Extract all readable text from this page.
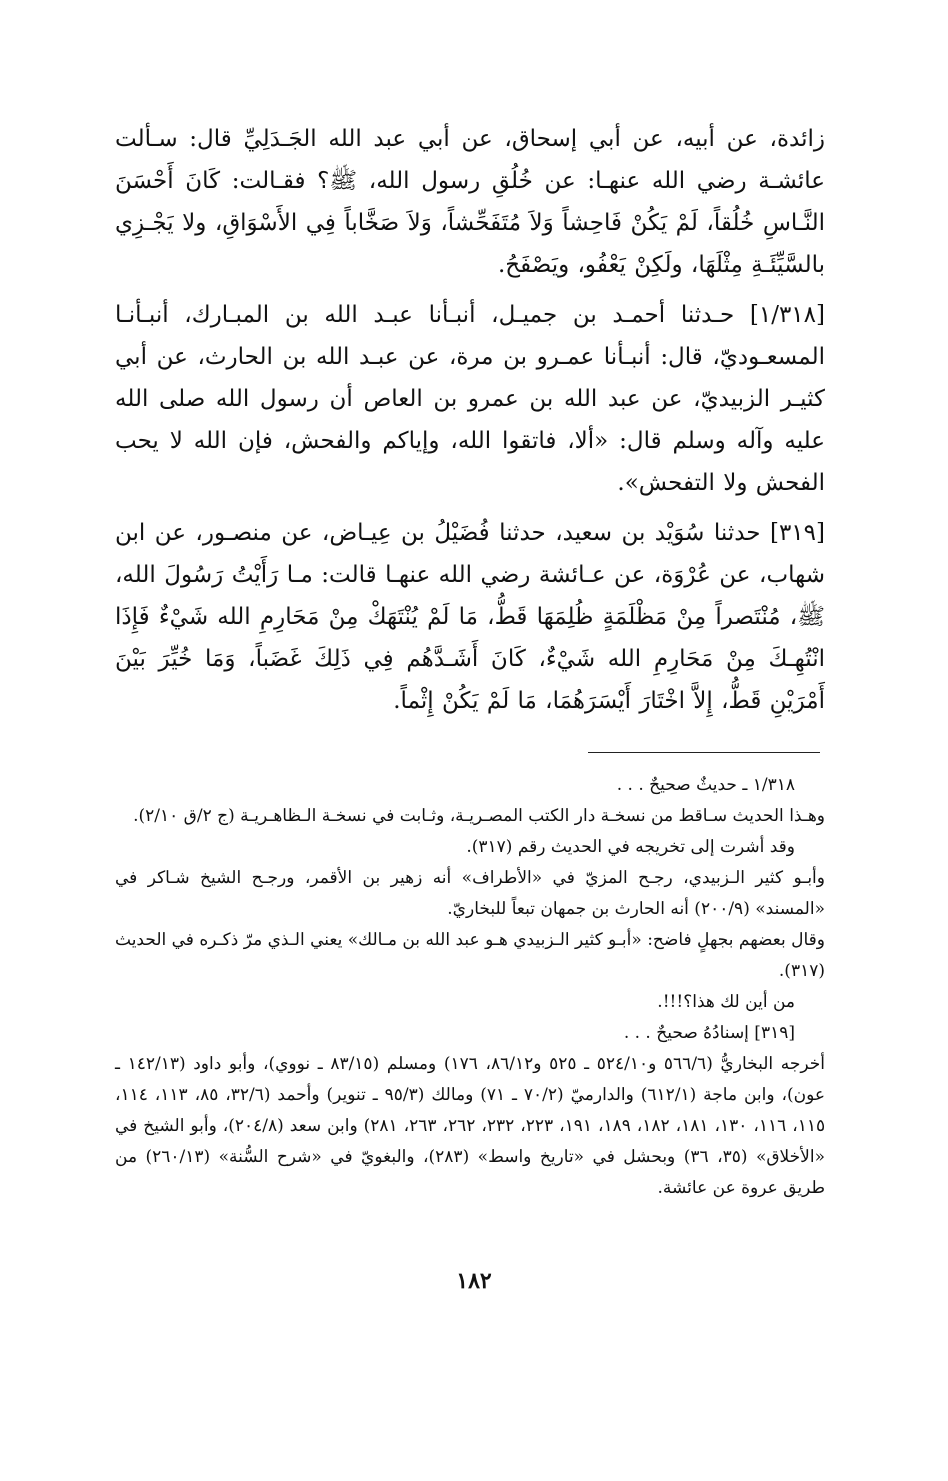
زائدة، عن أبيه، عن أبي إسحاق، عن أبي عبد الله الجَـدَلِيِّ قال: سـألت عائشـة رضي الله عنهـا: عن خُلُقِ رسول الله، ﷺ؟ فقـالت: كَانَ أَحْسَنَ النَّـاسِ خُلُقاً، لَمْ يَكُنْ فَاحِشاً وَلاَ مُتَفَحِّشاً، وَلاَ صَخَّاباً فِي الأَسْوَاقِ، ولا يَجْـزِي بالسَّيِّئَـةِ مِثْلَهَا، ولَكِنْ يَعْفُو، ويَصْفَحُ.

[١/٣١٨] حـدثنا أحمـد بن جميـل، أنبـأنا عبـد الله بن المبـارك، أنبـأنـا المسعـوديّ، قال: أنبـأنا عمـرو بن مرة، عن عبـد الله بن الحارث، عن أبي كثيـر الزبيديّ، عن عبد الله بن عمرو بن العاص أن رسول الله صلى الله عليه وآله وسلم قال: «ألا، فاتقوا الله، وإياكم والفحش، فإن الله لا يحب الفحش ولا التفحش».

[٣١٩] حدثنا سُوَيْد بن سعيد، حدثنا فُضَيْلُ بن عِيـاض، عن منصـور، عن ابن شهاب، عن عُرْوَة، عن عـائشة رضي الله عنهـا قالت: مـا رَأَيْتُ رَسُولَ الله، ﷺ، مُنْتَصراً مِنْ مَظْلَمَةٍ ظُلِمَهَا قَطُّ، مَا لَمْ يُنْتَهَكْ مِنْ مَحَارِمِ الله شَيْءٌ فَإِذَا انْتُهِـكَ مِنْ مَحَارِمِ الله شَيْءٌ، كَانَ أَشَـدَّهُم فِي ذَلِكَ غَضَباً، وَمَا خُيِّرَ بَيْنَ أَمْرَيْنِ قَطُّ، إِلاَّ اخْتَارَ أَيْسَرَهُمَا، مَا لَمْ يَكُنْ إِثْماً.

١/٣١٨ ـ حديثٌ صحيحٌ . . .

وهـذا الحديث سـاقط من نسخـة دار الكتب المصـريـة، وثـابت في نسخـة الـظاهـريـة (ج ٢/ق ٢/١٠).

وقد أشرت إلى تخريجه في الحديث رقم (٣١٧).

وأبـو كثير الـزبيدي، رجـح المزيّ في «الأطراف» أنه زهير بن الأقمر، ورجـح الشيخ شـاكر في «المسند» (٢٠٠/٩) أنه الحارث بن جمهان تبعاً للبخاريّ.

وقال بعضهم بجهلٍ فاضح: «أبـو كثير الـزبيدي هـو عبد الله بن مـالك» يعني الـذي مرّ ذكـره في الحديث (٣١٧).

من أين لك هذا؟!!!.

[٣١٩] إسنادُهُ صحيحٌ . . .

أخرجه البخاريُّ (٥٦٦/٦ و٥٢٤/١٠ ـ ٥٢٥ و٨٦/١٢، ١٧٦) ومسلم (٨٣/١٥ ـ نووي)، وأبو داود (١٤٢/١٣ ـ عون)، وابن ماجة (٦١٢/١) والدارميّ (٧٠/٢ ـ ٧١) ومالك (٩٥/٣ ـ تنوير) وأحمد (٣٢/٦، ٨٥، ١١٣، ١١٤، ١١٥، ١١٦، ١٣٠، ١٨١، ١٨٢، ١٨٩، ١٩١، ٢٢٣، ٢٣٢، ٢٦٢، ٢٦٣، ٢٨١) وابن سعد (٢٠٤/٨)، وأبو الشيخ في «الأخلاق» (٣٥، ٣٦) وبحشل في «تاريخ واسط» (٢٨٣)، والبغويّ في «شرح السُّنة» (٢٦٠/١٣) من طريق عروة عن عائشة.

١٨٢
